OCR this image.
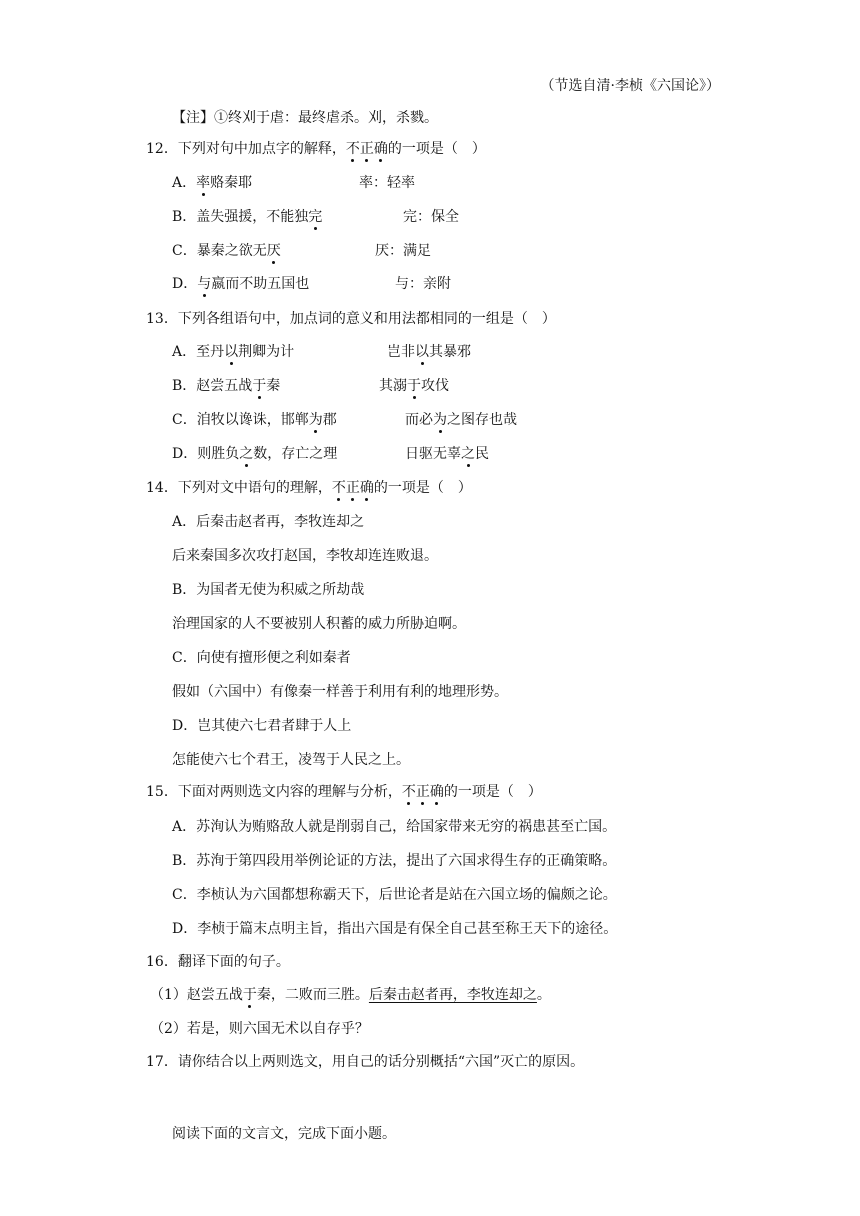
（节选自清·李桢《六国论》）
【注】①终刈于虐：最终虐杀。刈，杀戮。
12．下列对句中加点字的解释，不正确的一项是（　）
A．率赂秦耶	率：轻率
B．盖失强援，不能独完	完：保全
C．暴秦之欲无厌	厌：满足
D．与嬴而不助五国也	与：亲附
13．下列各组语句中，加点词的意义和用法都相同的一组是（　）
A．至丹以荆卿为计	岂非以其暴邪
B．赵尝五战于秦	其溺于攻伐
C．洎牧以谗诛，邯郸为郡	而必为之图存也哉
D．则胜负之数，存亡之理	日驱无辜之民
14．下列对文中语句的理解，不正确的一项是（　）
A．后秦击赵者再，李牧连却之
后来秦国多次攻打赵国，李牧却连连败退。
B．为国者无使为积威之所劫哉
治理国家的人不要被别人积蓄的威力所胁迫啊。
C．向使有擅形便之利如秦者
假如（六国中）有像秦一样善于利用有利的地理形势。
D．岂其使六七君者肆于人上
怎能使六七个君王，凌驾于人民之上。
15．下面对两则选文内容的理解与分析，不正确的一项是（　）
A．苏洵认为贿赂敌人就是削弱自己，给国家带来无穷的祸患甚至亡国。
B．苏洵于第四段用举例论证的方法，提出了六国求得生存的正确策略。
C．李桢认为六国都想称霸天下，后世论者是站在六国立场的偏颇之论。
D．李桢于篇末点明主旨，指出六国是有保全自己甚至称王天下的途径。
16．翻译下面的句子。
（1）赵尝五战于秦，二败而三胜。后秦击赵者再，李牧连却之。
（2）若是，则六国无术以自存乎？
17．请你结合以上两则选文，用自己的话分别概括“六国”灭亡的原因。
阅读下面的文言文，完成下面小题。
